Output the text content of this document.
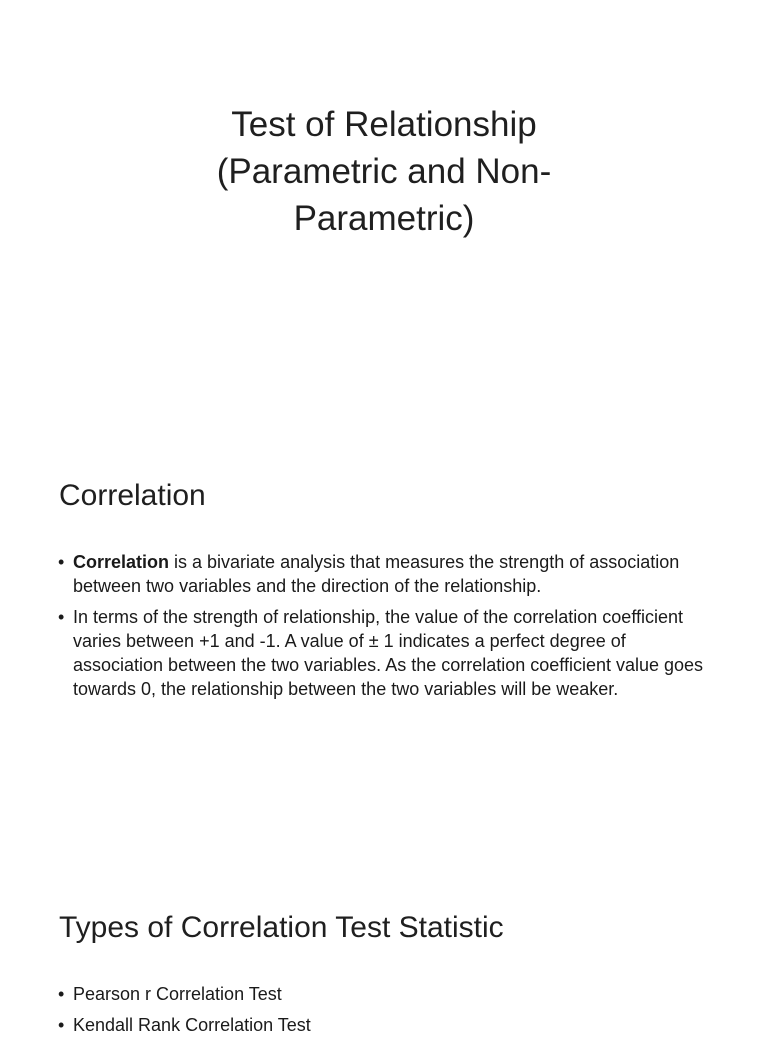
Test of Relationship
(Parametric and Non-
Parametric)
Correlation
• Correlation is a bivariate analysis that measures the strength of association between two variables and the direction of the relationship.
• In terms of the strength of relationship, the value of the correlation coefficient varies between +1 and -1. A value of ± 1 indicates a perfect degree of association between the two variables. As the correlation coefficient value goes towards 0, the relationship between the two variables will be weaker.
Types of Correlation Test Statistic
• Pearson r Correlation Test
• Kendall Rank Correlation Test
